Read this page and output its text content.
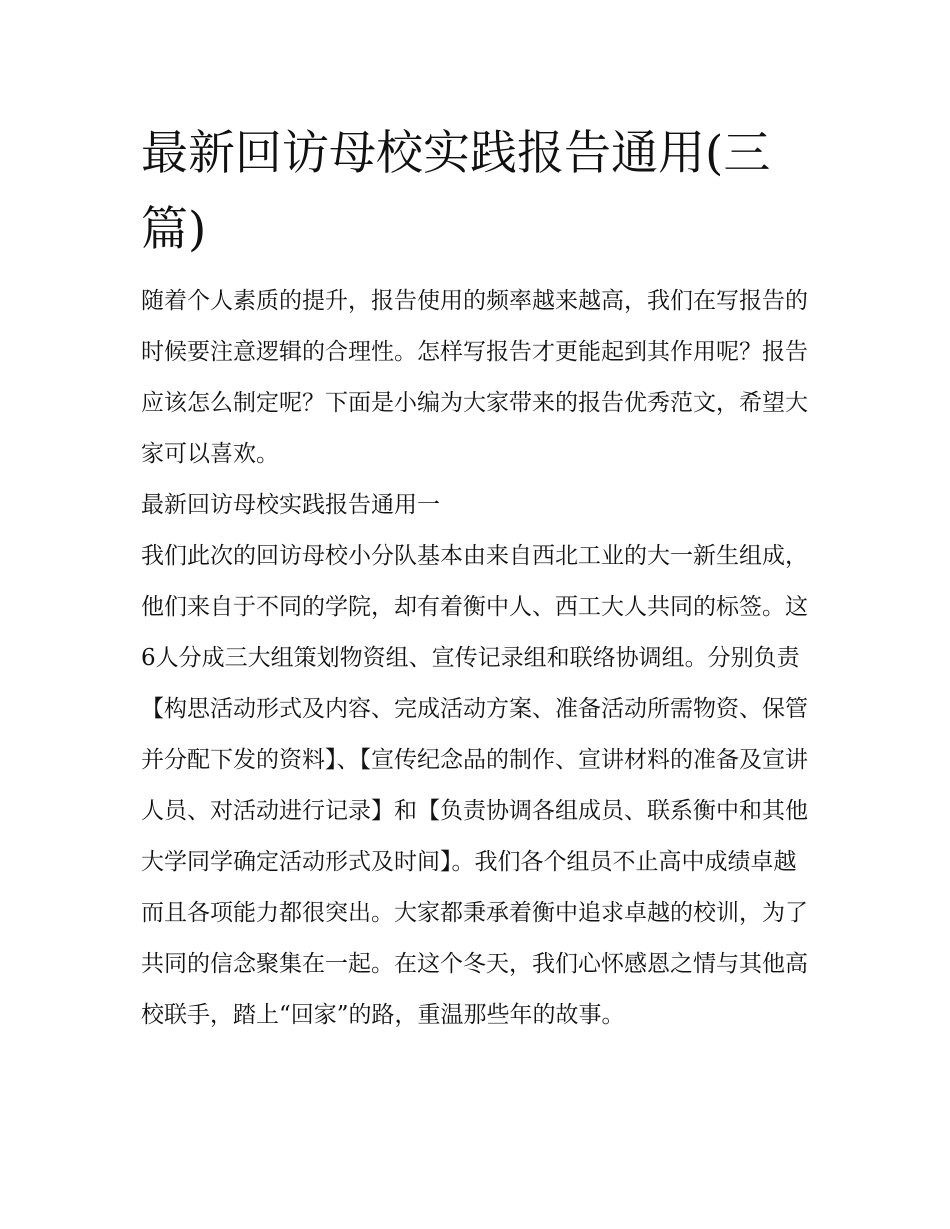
最新回访母校实践报告通用(三篇)

随着个人素质的提升，报告使用的频率越来越高，我们在写报告的时候要注意逻辑的合理性。怎样写报告才更能起到其作用呢？报告应该怎么制定呢？下面是小编为大家带来的报告优秀范文，希望大家可以喜欢。

最新回访母校实践报告通用一

我们此次的回访母校小分队基本由来自西北工业的大一新生组成，他们来自于不同的学院，却有着衡中人、西工大人共同的标签。这6人分成三大组策划物资组、宣传记录组和联络协调组。分别负责【构思活动形式及内容、完成活动方案、准备活动所需物资、保管并分配下发的资料】、【宣传纪念品的制作、宣讲材料的准备及宣讲人员、对活动进行记录】和【负责协调各组成员、联系衡中和其他大学同学确定活动形式及时间】。我们各个组员不止高中成绩卓越而且各项能力都很突出。大家都秉承着衡中追求卓越的校训，为了共同的信念聚集在一起。在这个冬天，我们心怀感恩之情与其他高校联手，踏上“回家”的路，重温那些年的故事。
